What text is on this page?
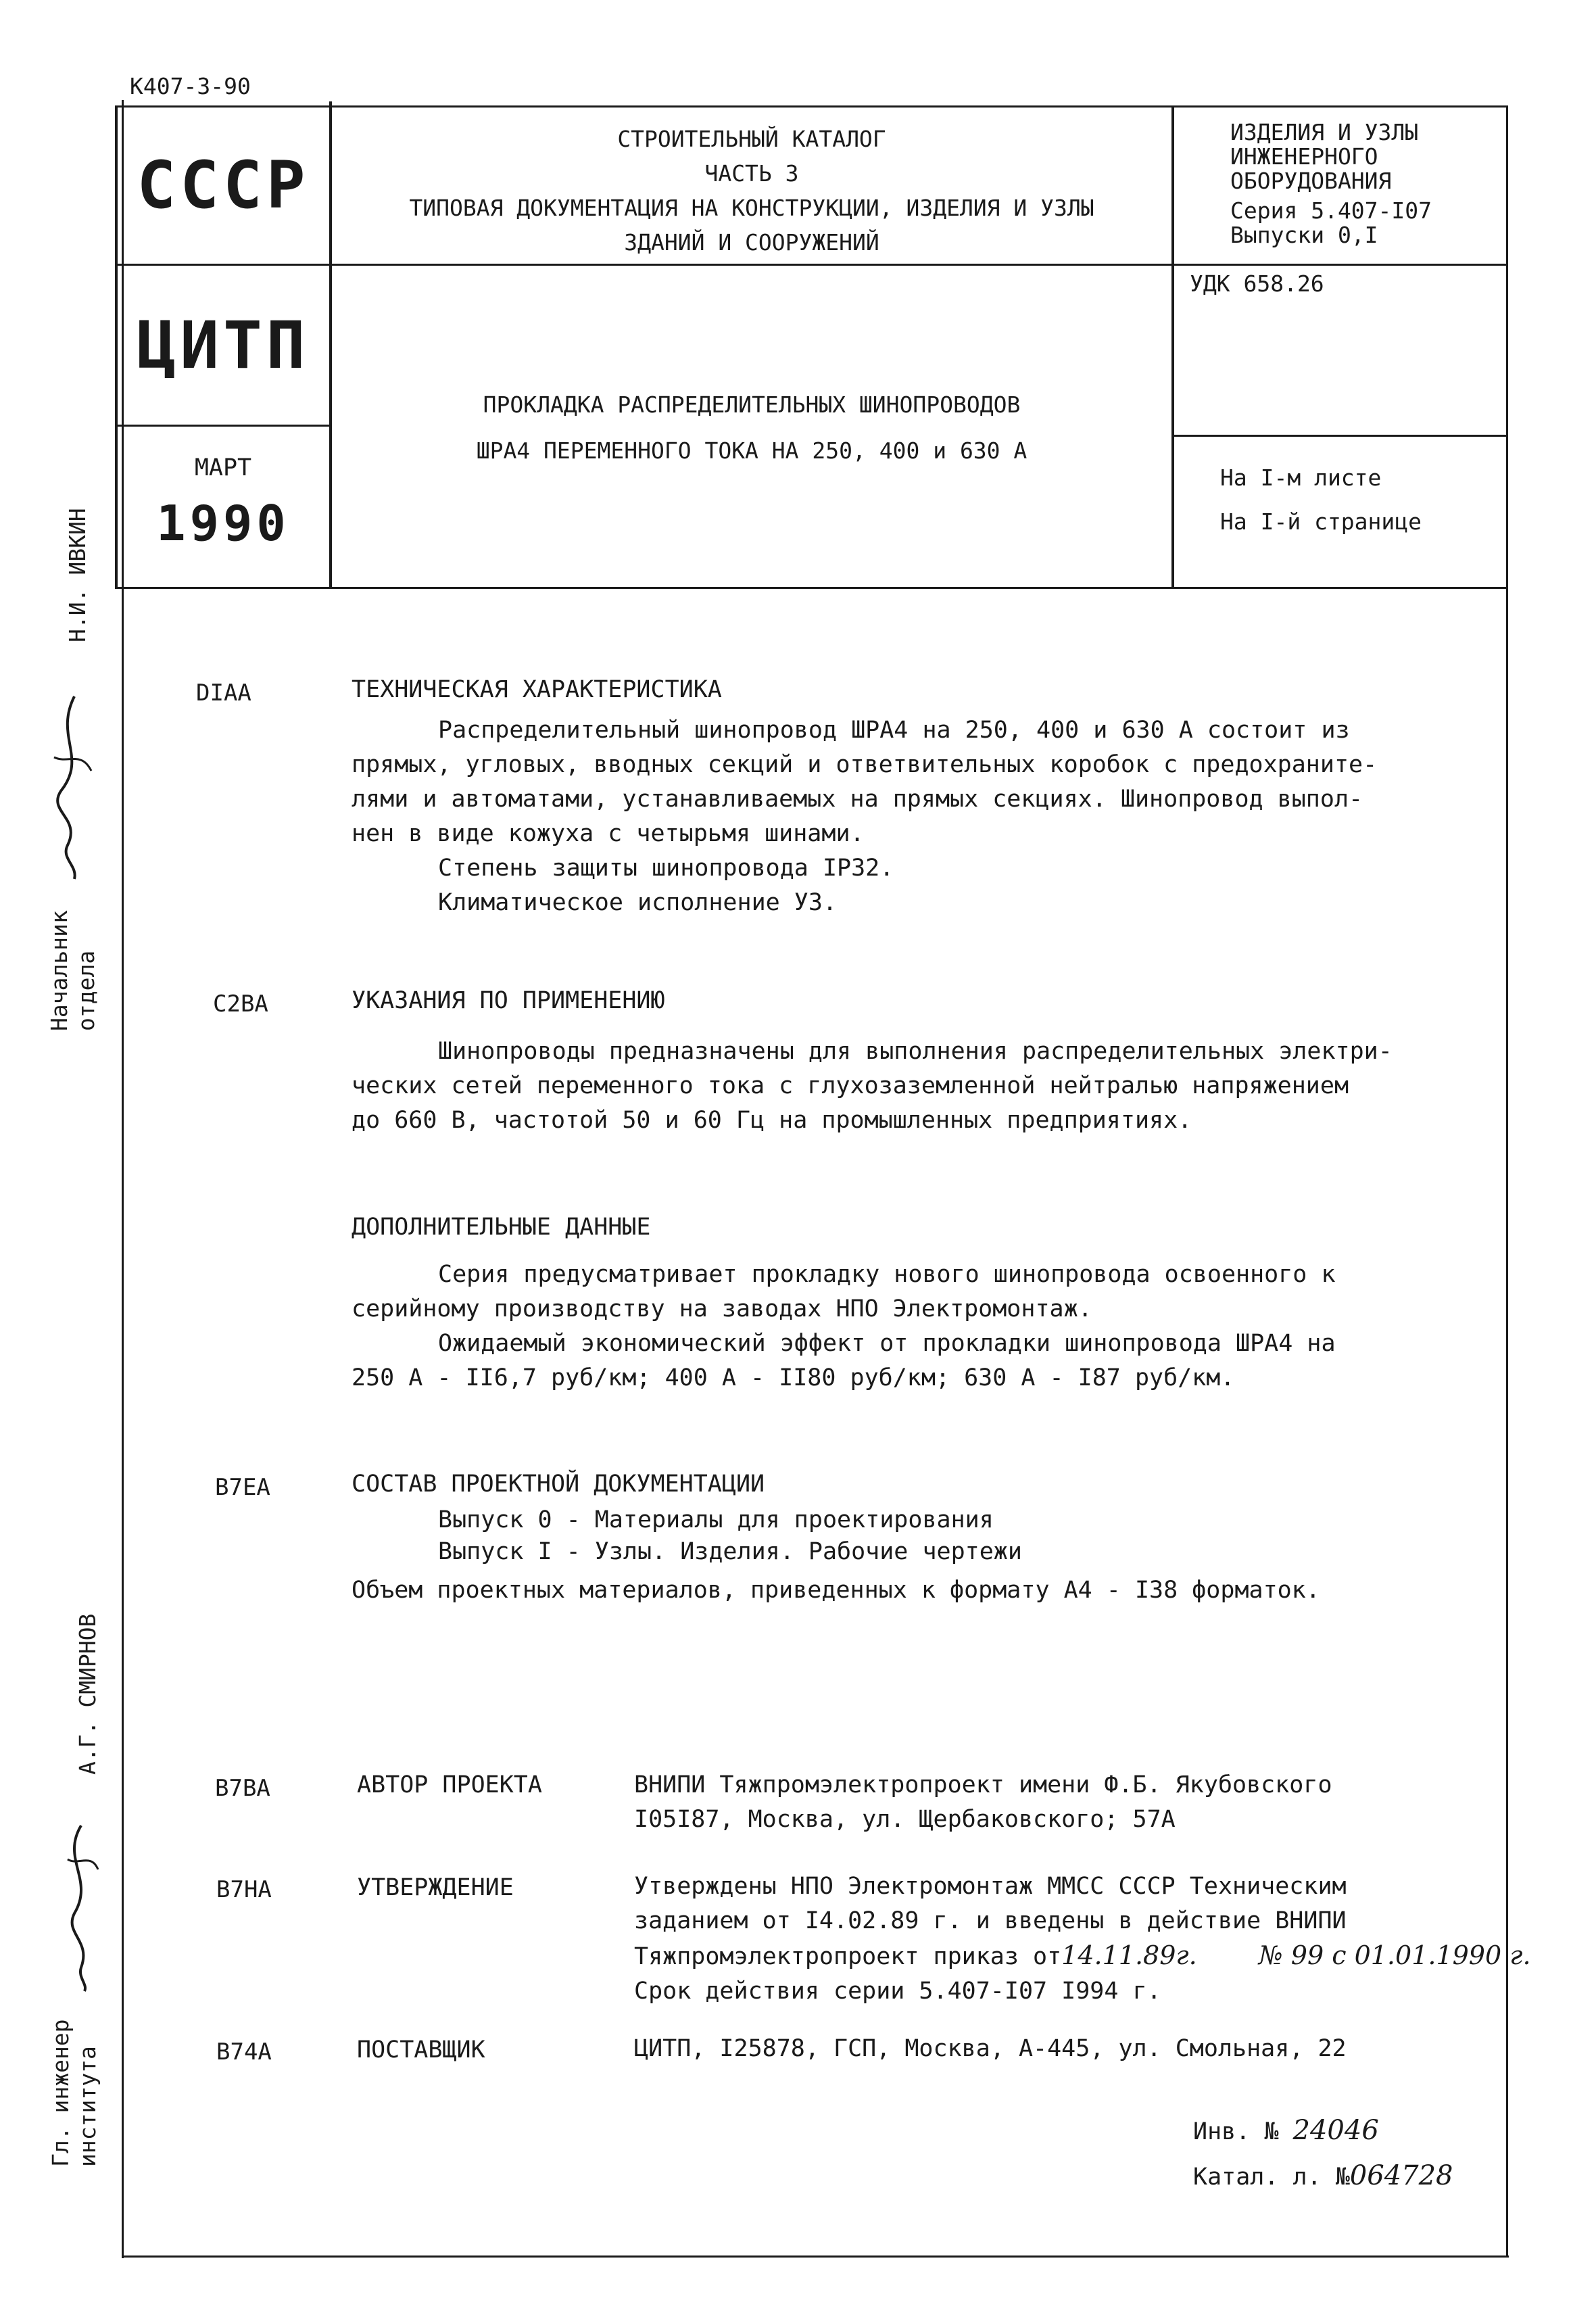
К407-3-90
СССР
ЦИТП
МАРТ
1990
СТРОИТЕЛЬНЫЙ КАТАЛОГ
ЧАСТЬ 3
ТИПОВАЯ ДОКУМЕНТАЦИЯ НА КОНСТРУКЦИИ, ИЗДЕЛИЯ И УЗЛЫ
ЗДАНИЙ И СООРУЖЕНИЙ
ПРОКЛАДКА РАСПРЕДЕЛИТЕЛЬНЫХ ШИНОПРОВОДОВ
ШРА4 ПЕРЕМЕННОГО ТОКА НА 250, 400 и 630 А
ИЗДЕЛИЯ И УЗЛЫ
ИНЖЕНЕРНОГО
ОБОРУДОВАНИЯ
Серия 5.407-I07
Выпуски 0,I
УДК 658.26
На I-м листе
На I-й странице
Н.И. ИВКИН
Начальник отдела
А.Г. СМИРНОВ
Гл. инженер института
DIAA	ТЕХНИЧЕСКАЯ ХАРАКТЕРИСТИКА
Распределительный шинопровод ШРА4 на 250, 400 и 630 А состоит из
прямых, угловых, вводных секций и ответвительных коробок с предохраните-
лями и автоматами, устанавливаемых на прямых секциях. Шинопровод выпол-
нен в виде кожуха с четырьмя шинами.
Степень защиты шинопровода IP32.
Климатическое исполнение У3.
C2BA	УКАЗАНИЯ ПО ПРИМЕНЕНИЮ
Шинопроводы предназначены для выполнения распределительных электри-
ческих сетей переменного тока с глухозаземленной нейтралью напряжением
до 660 В, частотой 50 и 60 Гц на промышленных предприятиях.
ДОПОЛНИТЕЛЬНЫЕ ДАННЫЕ
Серия предусматривает прокладку нового шинопровода освоенного к
серийному производству на заводах НПО Электромонтаж.
Ожидаемый экономический эффект от прокладки шинопровода ШРА4 на
250 А - II6,7 руб/км; 400 А - II80 руб/км; 630 А - I87 руб/км.
B7EA	СОСТАВ ПРОЕКТНОЙ ДОКУМЕНТАЦИИ
Выпуск 0 - Материалы для проектирования
Выпуск I - Узлы. Изделия. Рабочие чертежи
Объем проектных материалов, приведенных к формату А4 - I38 форматок.
B7BA	АВТОР ПРОЕКТА	ВНИПИ Тяжпромэлектропроект имени Ф.Б. Якубовского
I05I87, Москва, ул. Щербаковского; 57А
B7HA	УТВЕРЖДЕНИЕ	Утверждены НПО Электромонтаж ММСС СССР Техническим
заданием от I4.02.89 г. и введены в действие ВНИПИ
Тяжпромэлектропроект приказ от14.11.89г. № 99 с 01.01.1990 г.
Срок действия серии 5.407-I07 I994 г.
B74A	ПОСТАВЩИК	ЦИТП, I25878, ГСП, Москва, А-445, ул. Смольная, 22
Инв. № 24046
Катал. л. №064728
